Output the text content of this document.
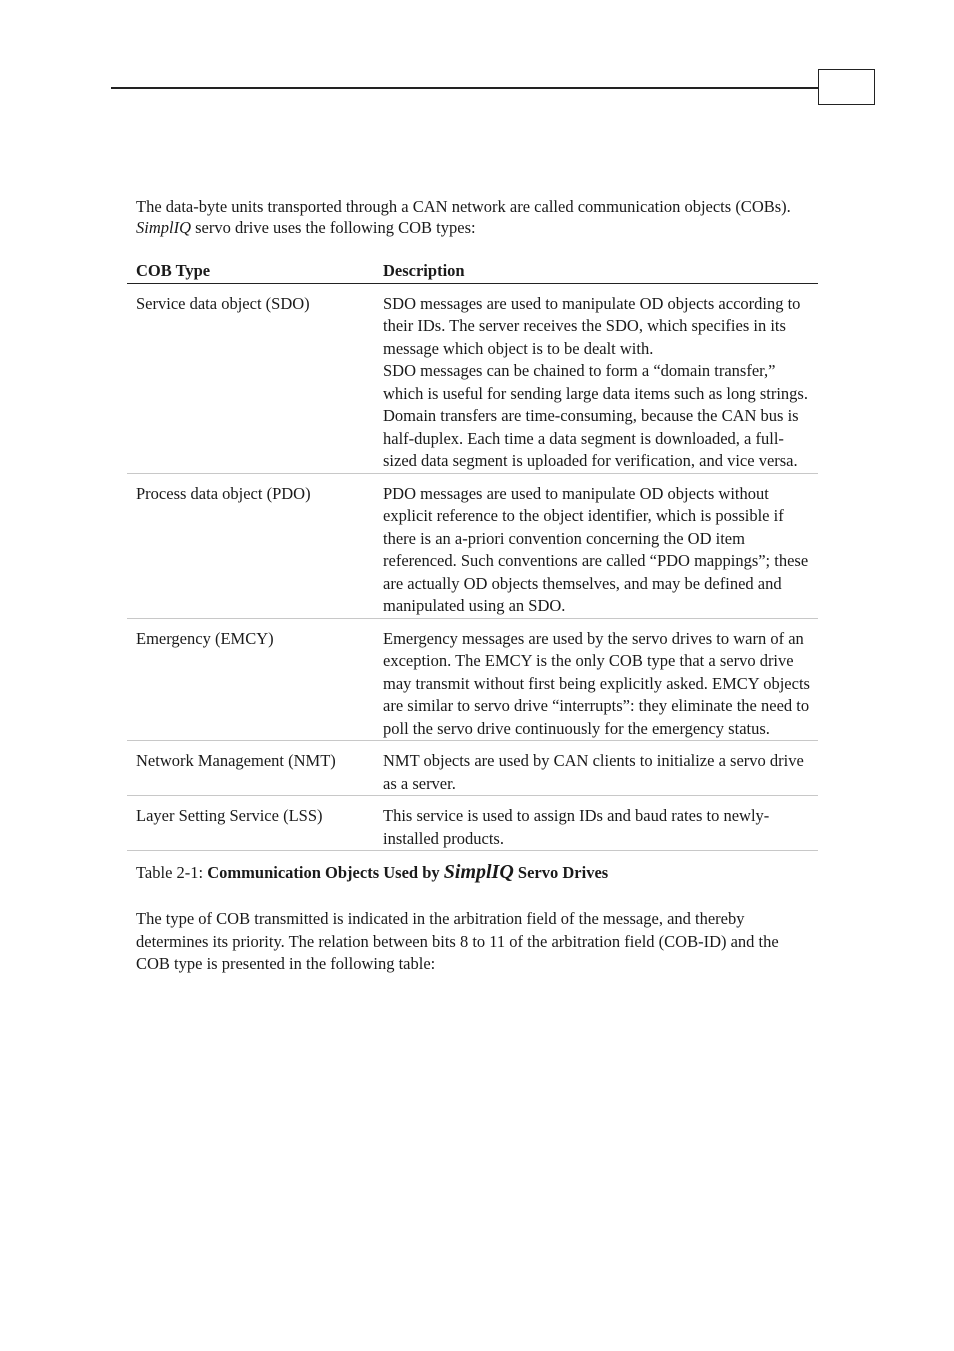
The data-byte units transported through a CAN network are called communication objects (COBs). SimplIQ servo drive uses the following COB types:

COB Type	Description
Service data object (SDO)	SDO messages are used to manipulate OD objects according to their IDs. The server receives the SDO, which specifies in its message which object is to be dealt with.
SDO messages can be chained to form a “domain transfer,” which is useful for sending large data items such as long strings. Domain transfers are time-consuming, because the CAN bus is half-duplex. Each time a data segment is downloaded, a full-sized data segment is uploaded for verification, and vice versa.

Process data object (PDO)	PDO messages are used to manipulate OD objects without explicit reference to the object identifier, which is possible if there is an a-priori convention concerning the OD item referenced. Such conventions are called “PDO mappings”; these are actually OD objects themselves, and may be defined and manipulated using an SDO.

Emergency (EMCY)	Emergency messages are used by the servo drives to warn of an exception. The EMCY is the only COB type that a servo drive may transmit without first being explicitly asked. EMCY objects are similar to servo drive “interrupts”: they eliminate the need to poll the servo drive continuously for the emergency status.

Network Management (NMT)	NMT objects are used by CAN clients to initialize a servo drive as a server.

Layer Setting Service (LSS)	This service is used to assign IDs and baud rates to newly-installed products.
Table 2-1: Communication Objects Used by SimplIQ Servo Drives

The type of COB transmitted is indicated in the arbitration field of the message, and thereby determines its priority. The relation between bits 8 to 11 of the arbitration field (COB-ID) and the COB type is presented in the following table:
